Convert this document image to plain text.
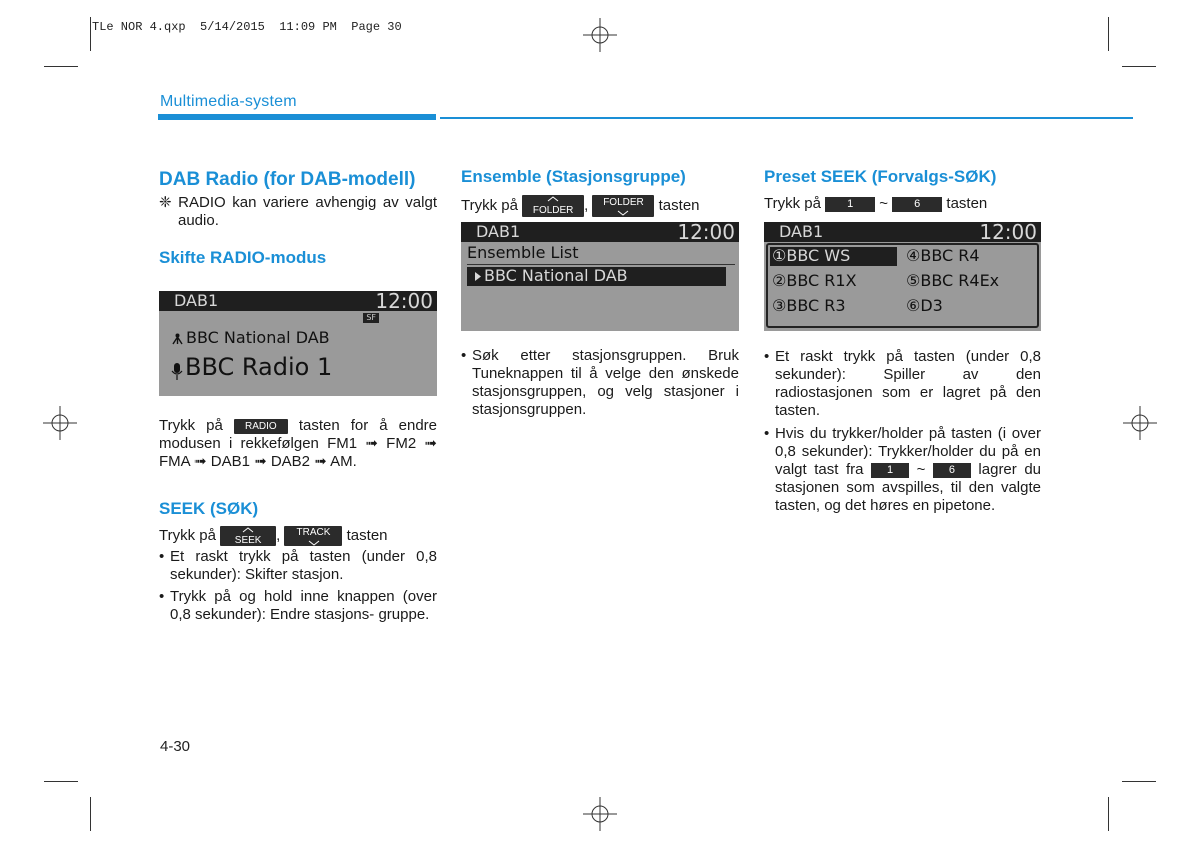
TLe NOR 4.qxp  5/14/2015  11:09 PM  Page 30
Multimedia-system
DAB Radio (for DAB-modell)
❈ RADIO kan variere avhengig av valgt audio.
Skifte RADIO-modus
DAB1	12:00
SF
BBC National DAB
BBC Radio 1
Trykk på RADIO tasten for å endre modusen i rekkefølgen FM1 ➟ FM2 ➟ FMA ➟ DAB1 ➟ DAB2 ➟ AM.
SEEK (SØK)
Trykk på	SEEK ,	TRACK	tasten
• Et raskt trykk på tasten (under 0,8 sekunder): Skifter stasjon.
• Trykk på og hold inne knappen (over 0,8 sekunder): Endre stasjons- gruppe.
Ensemble (Stasjonsgruppe)
Trykk på	FOLDER ,	FOLDER tasten
DAB1	12:00
Ensemble List
BBC National DAB
• Søk etter stasjonsgruppen. Bruk Tuneknappen til å velge den ønskede stasjonsgruppen, og velg stasjoner i stasjonsgruppen.
Preset SEEK (Forvalgs-SØK)
Trykk på 1 ~ 6 tasten
DAB1	12:00
①BBC WS	④BBC R4
②BBC R1X	⑤BBC R4Ex
③BBC R3	⑥D3
• Et raskt trykk på tasten (under 0,8 sekunder): Spiller av den radiostasjonen som er lagret på den tasten.
• Hvis du trykker/holder på tasten (i over 0,8 sekunder): Trykker/holder du på en valgt tast fra 1 ~ 6 lagrer du stasjonen som avspilles, til den valgte tasten, og det høres en pipetone.
4-30
